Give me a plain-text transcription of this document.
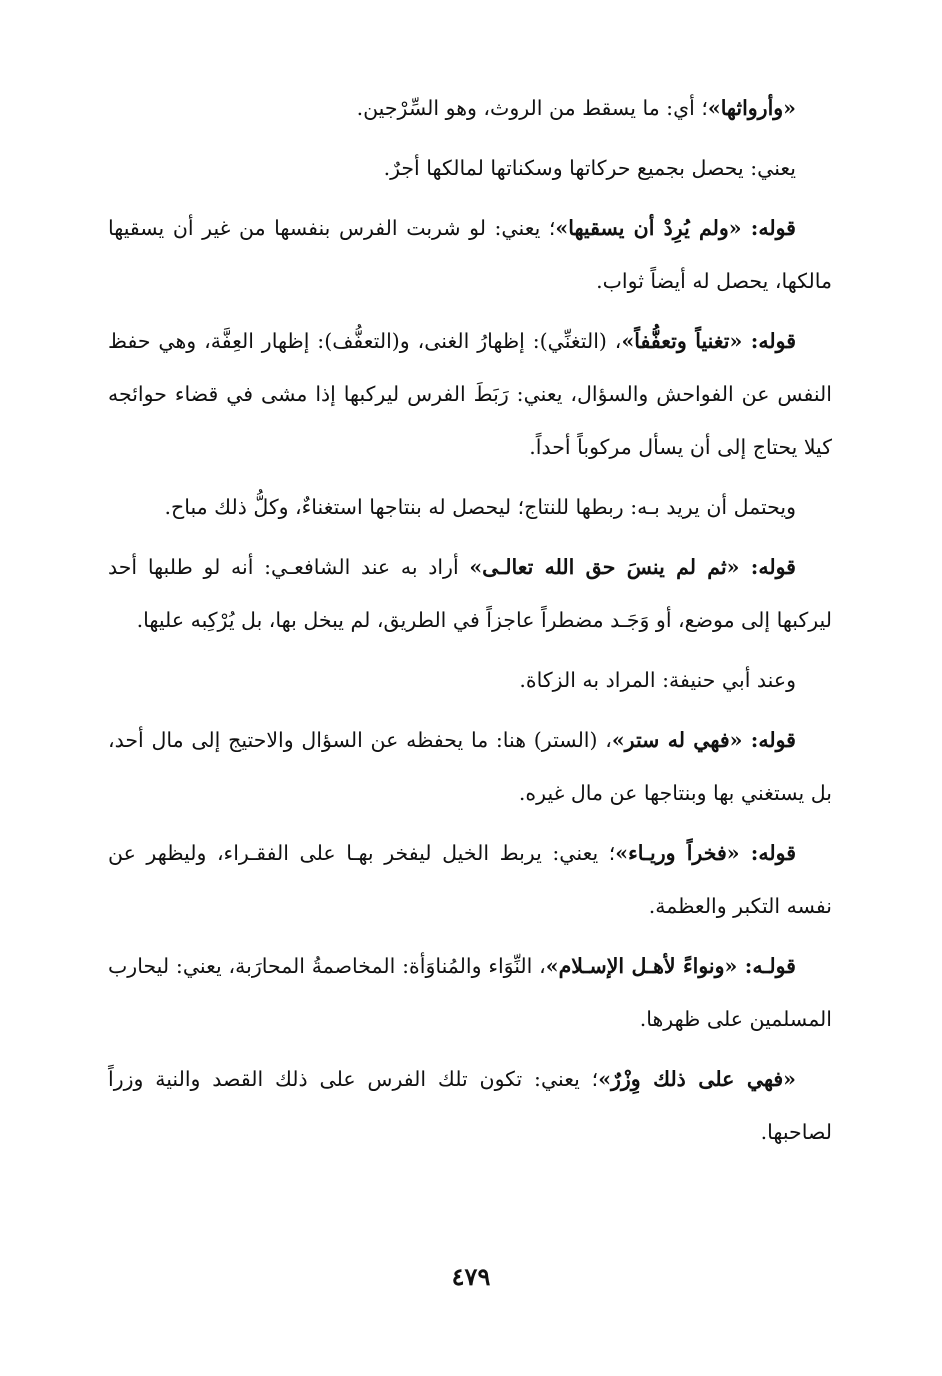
«وأرواثها»؛ أي: ما يسقط من الروث، وهو السِّرْجين.

يعني: يحصل بجميع حركاتها وسكناتها لمالكها أجرٌ.

قوله: «ولم يُرِدْ أن يسقيها»؛ يعني: لو شربت الفرس بنفسها من غير أن يسقيها مالكها، يحصل له أيضاً ثواب.

قوله: «تغنياً وتعفُّفاً»، (التغنِّي): إظهارُ الغنى، و(التعفُّف): إظهار العِفَّة، وهي حفظ النفس عن الفواحش والسؤال، يعني: رَبَطَ الفرس ليركبها إذا مشى في قضاء حوائجه كيلا يحتاج إلى أن يسأل مركوباً أحداً.

ويحتمل أن يريد بـه: ربطها للنتاج؛ ليحصل له بنتاجها استغناءٌ، وكلُّ ذلك مباح.

قوله: «ثم لم ينسَ حق الله تعالـى» أراد به عند الشافعـي: أنه لو طلبها أحد ليركبها إلى موضع، أو وَجَـد مضطراً عاجزاً في الطريق، لم يبخل بها، بل يُرْكِبه عليها.

وعند أبي حنيفة: المراد به الزكاة.

قوله: «فهي له ستر»، (الستر) هنا: ما يحفظه عن السؤال والاحتيج إلى مال أحد، بل يستغني بها وبنتاجها عن مال غيره.

قوله: «فخراً وريـاء»؛ يعني: يربط الخيل ليفخر بهـا على الفقـراء، وليظهر عن نفسه التكبر والعظمة.

قولـه: «ونواءً لأهـل الإسـلام»، النِّوَاء والمُناوَأة: المخاصمةُ المحارَبة، يعني: ليحارب المسلمين على ظهرها.

«فهي على ذلك وِزْرٌ»؛ يعني: تكون تلك الفرس على ذلك القصد والنية وزراً لصاحبها.

٤٧٩
